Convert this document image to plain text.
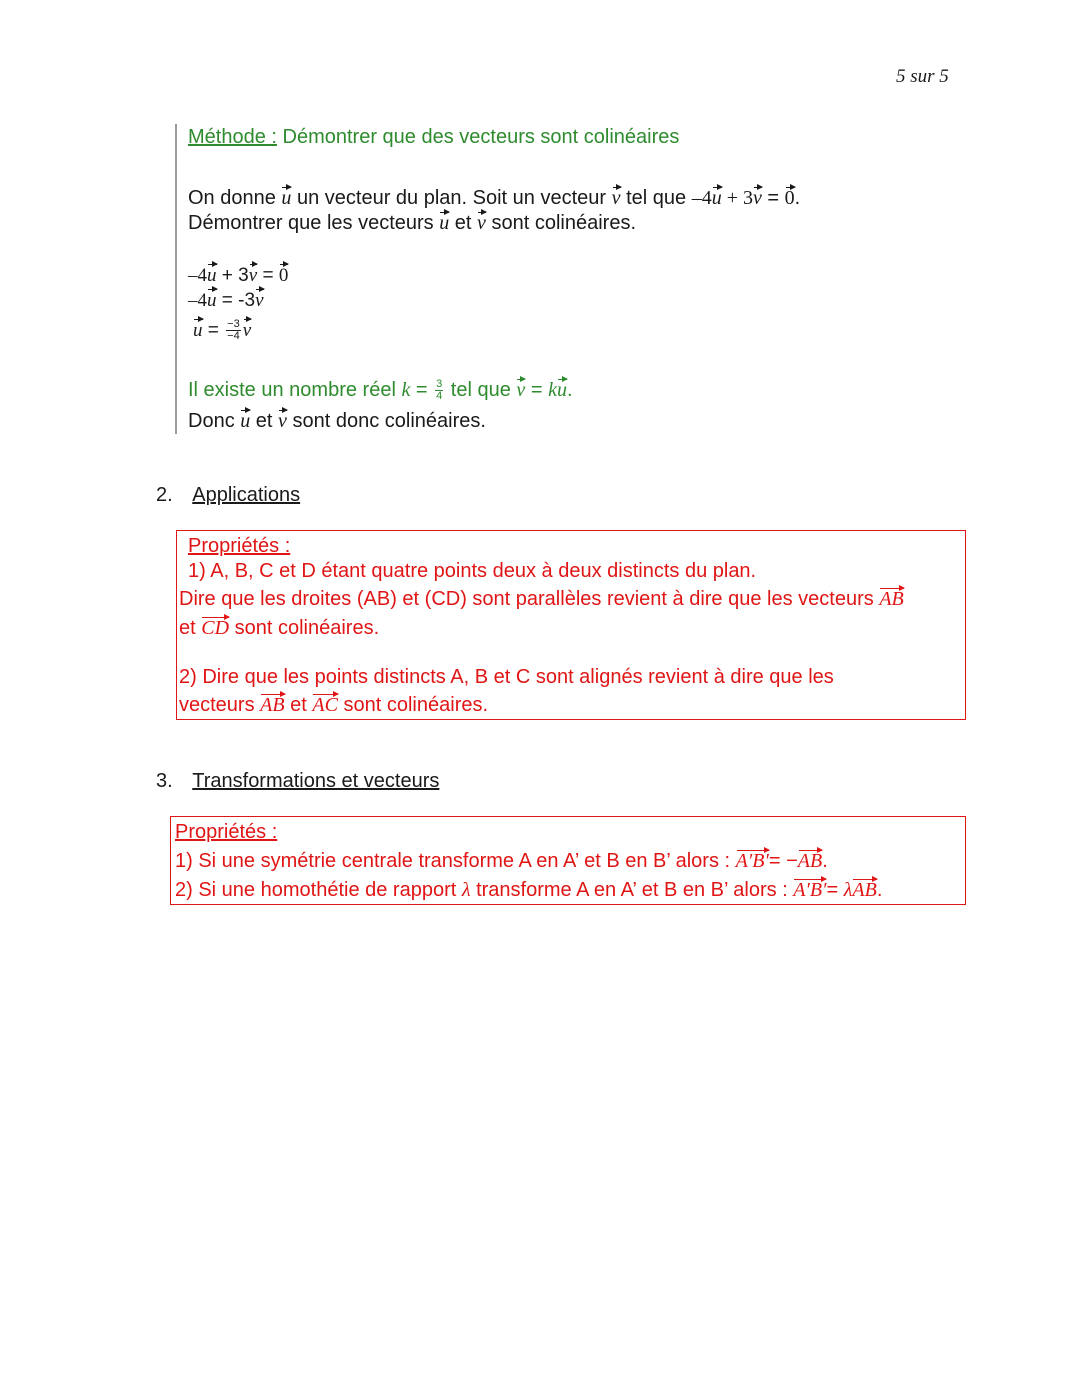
5 sur 5
Méthode : Démontrer que des vecteurs sont colinéaires
On donne u un vecteur du plan. Soit un vecteur v tel que –4u + 3v = 0.
Démontrer que les vecteurs u et v sont colinéaires.
–4u + 3v = 0
–4u = -3v
$u = \frac{-3}{-4}$ v
Il existe un nombre réel $k = \frac{3}{4}$ tel que v = ku.
Donc u et v sont donc colinéaires.
2. Applications
Propriétés :
1) A, B, C et D étant quatre points deux à deux distincts du plan.
Dire que les droites (AB) et (CD) sont parallèles revient à dire que les vecteurs AB
et CD sont colinéaires.
2) Dire que les points distincts A, B et C sont alignés revient à dire que les
vecteurs AB et AC sont colinéaires.
3. Transformations et vecteurs
Propriétés :
1) Si une symétrie centrale transforme A en A’ et B en B’ alors : A′B′= −AB.
2) Si une homothétie de rapport λ transforme A en A’ et B en B’ alors : A′B′= λAB.
